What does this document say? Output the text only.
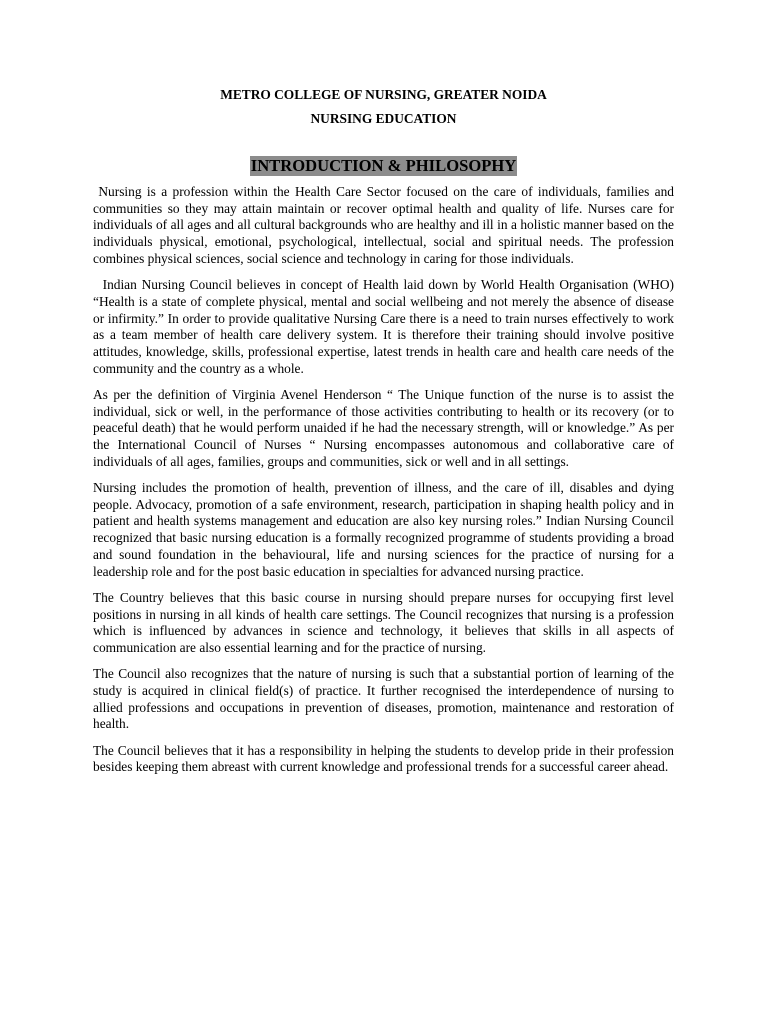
METRO COLLEGE OF NURSING, GREATER NOIDA

NURSING EDUCATION

INTRODUCTION & PHILOSOPHY

Nursing is a profession within the Health Care Sector focused on the care of individuals, families and communities so they may attain maintain or recover optimal health and quality of life. Nurses care for individuals of all ages and all cultural backgrounds who are healthy and ill in a holistic manner based on the individuals physical, emotional, psychological, intellectual, social and spiritual needs. The profession combines physical sciences, social science and technology in caring for those individuals.

Indian Nursing Council believes in concept of Health laid down by World Health Organisation (WHO) “Health is a state of complete physical, mental and social wellbeing and not merely the absence of disease or infirmity.” In order to provide qualitative Nursing Care there is a need to train nurses effectively to work as a team member of health care delivery system. It is therefore their training should involve positive attitudes, knowledge, skills, professional expertise, latest trends in health care and health care needs of the community and the country as a whole.

As per the definition of Virginia Avenel Henderson “ The Unique function of the nurse is to assist the individual, sick or well, in the performance of those activities contributing to health or its recovery (or to peaceful death) that he would perform unaided if he had the necessary strength, will or knowledge.” As per the International Council of Nurses “ Nursing encompasses autonomous and collaborative care of individuals of all ages, families, groups and communities, sick or well and in all settings.

Nursing includes the promotion of health, prevention of illness, and the care of ill, disables and dying people. Advocacy, promotion of a safe environment, research, participation in shaping health policy and in patient and health systems management and education are also key nursing roles.” Indian Nursing Council recognized that basic nursing education is a formally recognized programme of students providing a broad and sound foundation in the behavioural, life and nursing sciences for the practice of nursing for a leadership role and for the post basic education in specialties for advanced nursing practice.

The Country believes that this basic course in nursing should prepare nurses for occupying first level positions in nursing in all kinds of health care settings. The Council recognizes that nursing is a profession which is influenced by advances in science and technology, it believes that skills in all aspects of communication are also essential learning and for the practice of nursing.

The Council also recognizes that the nature of nursing is such that a substantial portion of learning of the study is acquired in clinical field(s) of practice. It further recognised the interdependence of nursing to allied professions and occupations in prevention of diseases, promotion, maintenance and restoration of health.

The Council believes that it has a responsibility in helping the students to develop pride in their profession besides keeping them abreast with current knowledge and professional trends for a successful career ahead.
